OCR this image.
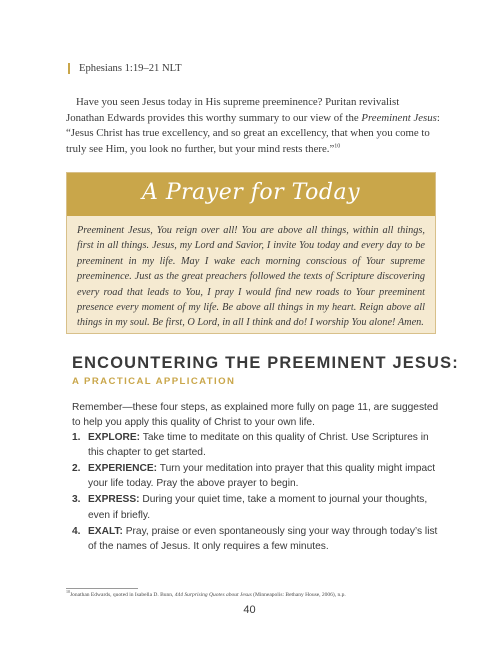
Ephesians 1:19–21 NLT

Have you seen Jesus today in His supreme preeminence? Puritan revivalist Jonathan Edwards provides this worthy summary to our view of the Preeminent Jesus: “Jesus Christ has true excellency, and so great an excellency, that when you come to truly see Him, you look no further, but your mind rests there.”$^{10}$

A Prayer for Today

Preeminent Jesus, You reign over all! You are above all things, within all things, first in all things. Jesus, my Lord and Savior, I invite You today and every day to be preeminent in my life. May I wake each morning conscious of Your supreme preeminence. Just as the great preachers followed the texts of Scripture discovering every road that leads to You, I pray I would find new roads to Your preeminent presence every moment of my life. Be above all things in my heart. Reign above all things in my soul. Be first, O Lord, in all I think and do! I worship You alone! Amen.

ENCOUNTERING THE PREEMINENT JESUS:
A PRACTICAL APPLICATION

Remember—these four steps, as explained more fully on page 11, are suggested to help you apply this quality of Christ to your own life.

1. EXPLORE: Take time to meditate on this quality of Christ. Use Scriptures in this chapter to get started.
2. EXPERIENCE: Turn your meditation into prayer that this quality might impact your life today. Pray the above prayer to begin.
3. EXPRESS: During your quiet time, take a moment to journal your thoughts, even if briefly.
4. EXALT: Pray, praise or even spontaneously sing your way through today’s list of the names of Jesus. It only requires a few minutes.
$^{10}$Jonathan Edwards, quoted in Isabella D. Bunn, 444 Surprising Quotes about Jesus (Minneapolis: Bethany House, 2006), n.p.
40
